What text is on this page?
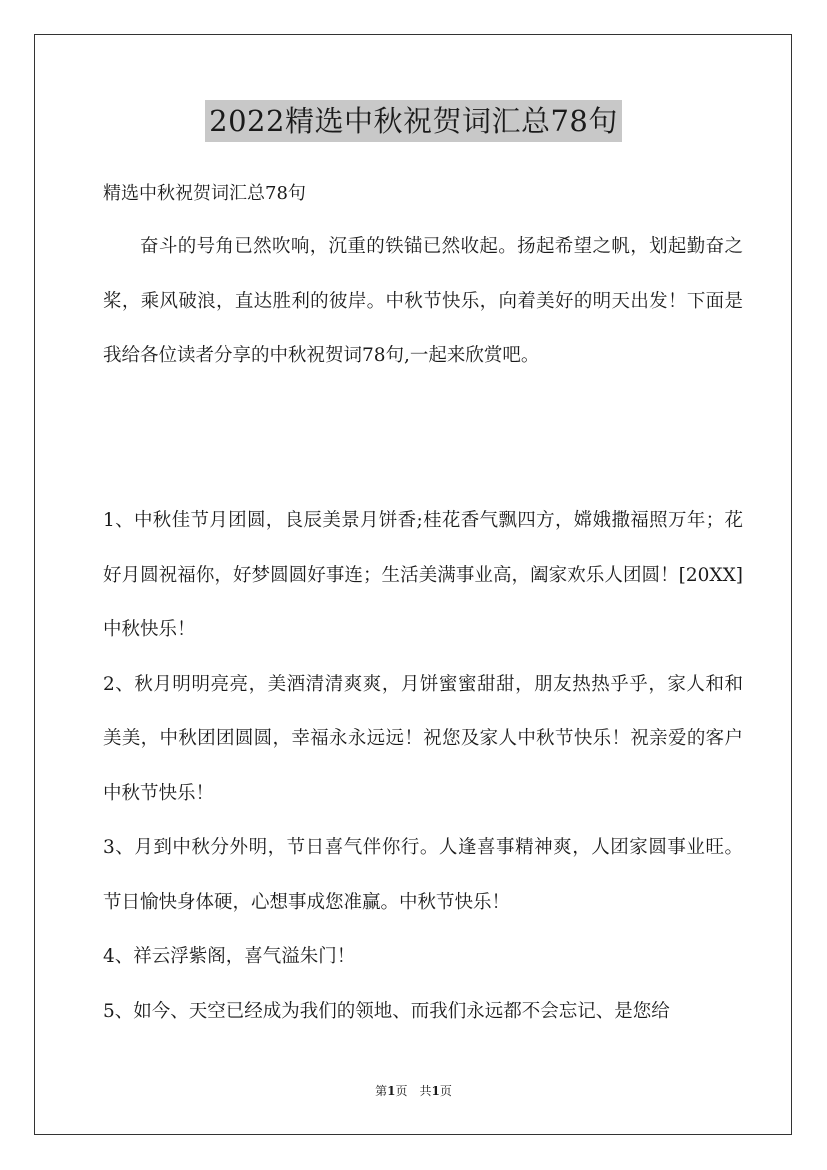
2022精选中秋祝贺词汇总78句
精选中秋祝贺词汇总78句

奋斗的号角已然吹响，沉重的铁锚已然收起。扬起希望之帆，划起勤奋之桨，乘风破浪，直达胜利的彼岸。中秋节快乐，向着美好的明天出发！下面是我给各位读者分享的中秋祝贺词78句,一起来欣赏吧。

1、中秋佳节月团圆，良辰美景月饼香;桂花香气飘四方，嫦娥撒福照万年；花好月圆祝福你，好梦圆圆好事连；生活美满事业高，阖家欢乐人团圆！[20XX]中秋快乐！
2、秋月明明亮亮，美酒清清爽爽，月饼蜜蜜甜甜，朋友热热乎乎，家人和和美美，中秋团团圆圆，幸福永永远远！祝您及家人中秋节快乐！祝亲爱的客户中秋节快乐！
3、月到中秋分外明，节日喜气伴你行。人逢喜事精神爽，人团家圆事业旺。节日愉快身体硬，心想事成您准赢。中秋节快乐！
4、祥云浮紫阁，喜气溢朱门！
5、如今、天空已经成为我们的领地、而我们永远都不会忘记、是您给
第1页　共1页
